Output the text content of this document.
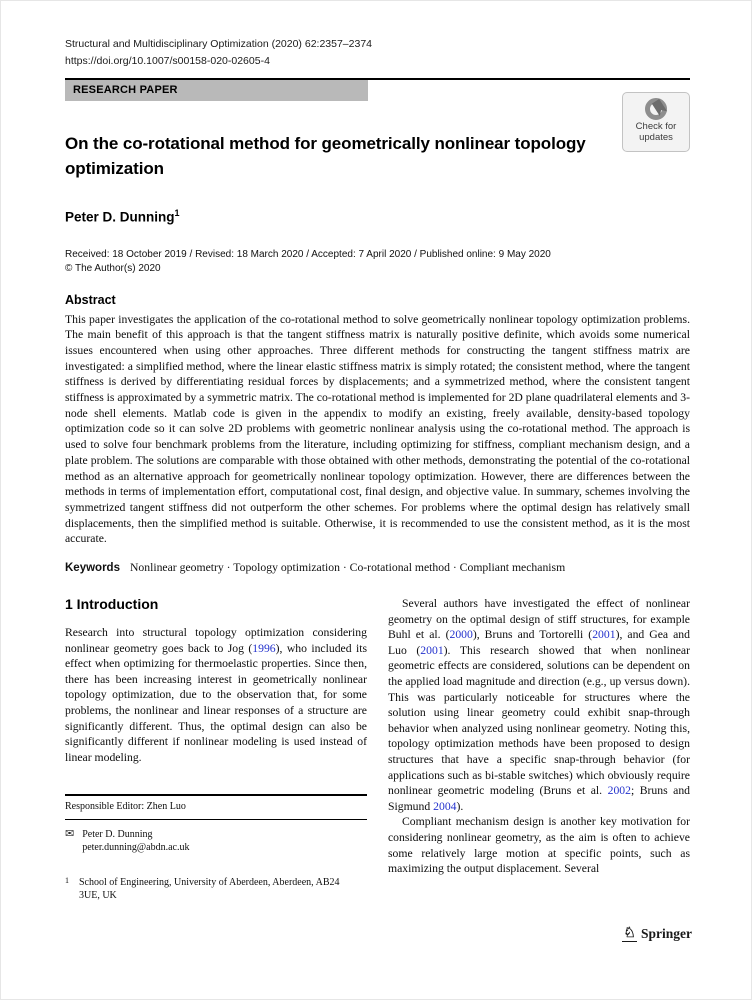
Structural and Multidisciplinary Optimization (2020) 62:2357–2374
https://doi.org/10.1007/s00158-020-02605-4
RESEARCH PAPER
Check for updates
On the co-rotational method for geometrically nonlinear topology optimization
Peter D. Dunning$^1$
Received: 18 October 2019 / Revised: 18 March 2020 / Accepted: 7 April 2020 / Published online: 9 May 2020
© The Author(s) 2020
Abstract

This paper investigates the application of the co-rotational method to solve geometrically nonlinear topology optimization problems. The main benefit of this approach is that the tangent stiffness matrix is naturally positive definite, which avoids some numerical issues encountered when using other approaches. Three different methods for constructing the tangent stiffness matrix are investigated: a simplified method, where the linear elastic stiffness matrix is simply rotated; the consistent method, where the tangent stiffness is derived by differentiating residual forces by displacements; and a symmetrized method, where the consistent tangent stiffness is approximated by a symmetric matrix. The co-rotational method is implemented for 2D plane quadrilateral elements and 3-node shell elements. Matlab code is given in the appendix to modify an existing, freely available, density-based topology optimization code so it can solve 2D problems with geometric nonlinear analysis using the co-rotational method. The approach is used to solve four benchmark problems from the literature, including optimizing for stiffness, compliant mechanism design, and a plate problem. The solutions are comparable with those obtained with other methods, demonstrating the potential of the co-rotational method as an alternative approach for geometrically nonlinear topology optimization. However, there are differences between the methods in terms of implementation effort, computational cost, final design, and objective value. In summary, schemes involving the symmetrized tangent stiffness did not outperform the other schemes. For problems where the optimal design has relatively small displacements, then the simplified method is suitable. Otherwise, it is recommended to use the consistent method, as it is the most accurate.

Keywords Nonlinear geometry · Topology optimization · Co-rotational method · Compliant mechanism
1 Introduction

Research into structural topology optimization considering nonlinear geometry goes back to Jog (1996), who included its effect when optimizing for thermoelastic properties. Since then, there has been increasing interest in geometrically nonlinear topology optimization, due to the observation that, for some problems, the nonlinear and linear responses of a structure are significantly different. Thus, the optimal design can also be significantly different if nonlinear modeling is used instead of linear modeling.

Responsible Editor: Zhen Luo
✉ Peter D. Dunning
peter.dunning@abdn.ac.uk
1 School of Engineering, University of Aberdeen, Aberdeen, AB24 3UE, UK

Several authors have investigated the effect of nonlinear geometry on the optimal design of stiff structures, for example Buhl et al. (2000), Bruns and Tortorelli (2001), and Gea and Luo (2001). This research showed that when nonlinear geometric effects are considered, solutions can be dependent on the applied load magnitude and direction (e.g., up versus down). This was particularly noticeable for structures where the solution using linear geometry could exhibit snap-through behavior when analyzed using nonlinear geometry. Noting this, topology optimization methods have been proposed to design structures that have a specific snap-through behavior (for applications such as bi-stable switches) which obviously require nonlinear geometric modeling (Bruns et al. 2002; Bruns and Sigmund 2004).

Compliant mechanism design is another key motivation for considering nonlinear geometry, as the aim is often to achieve some relatively large motion at specific points, such as maximizing the output displacement. Several

♘ Springer
